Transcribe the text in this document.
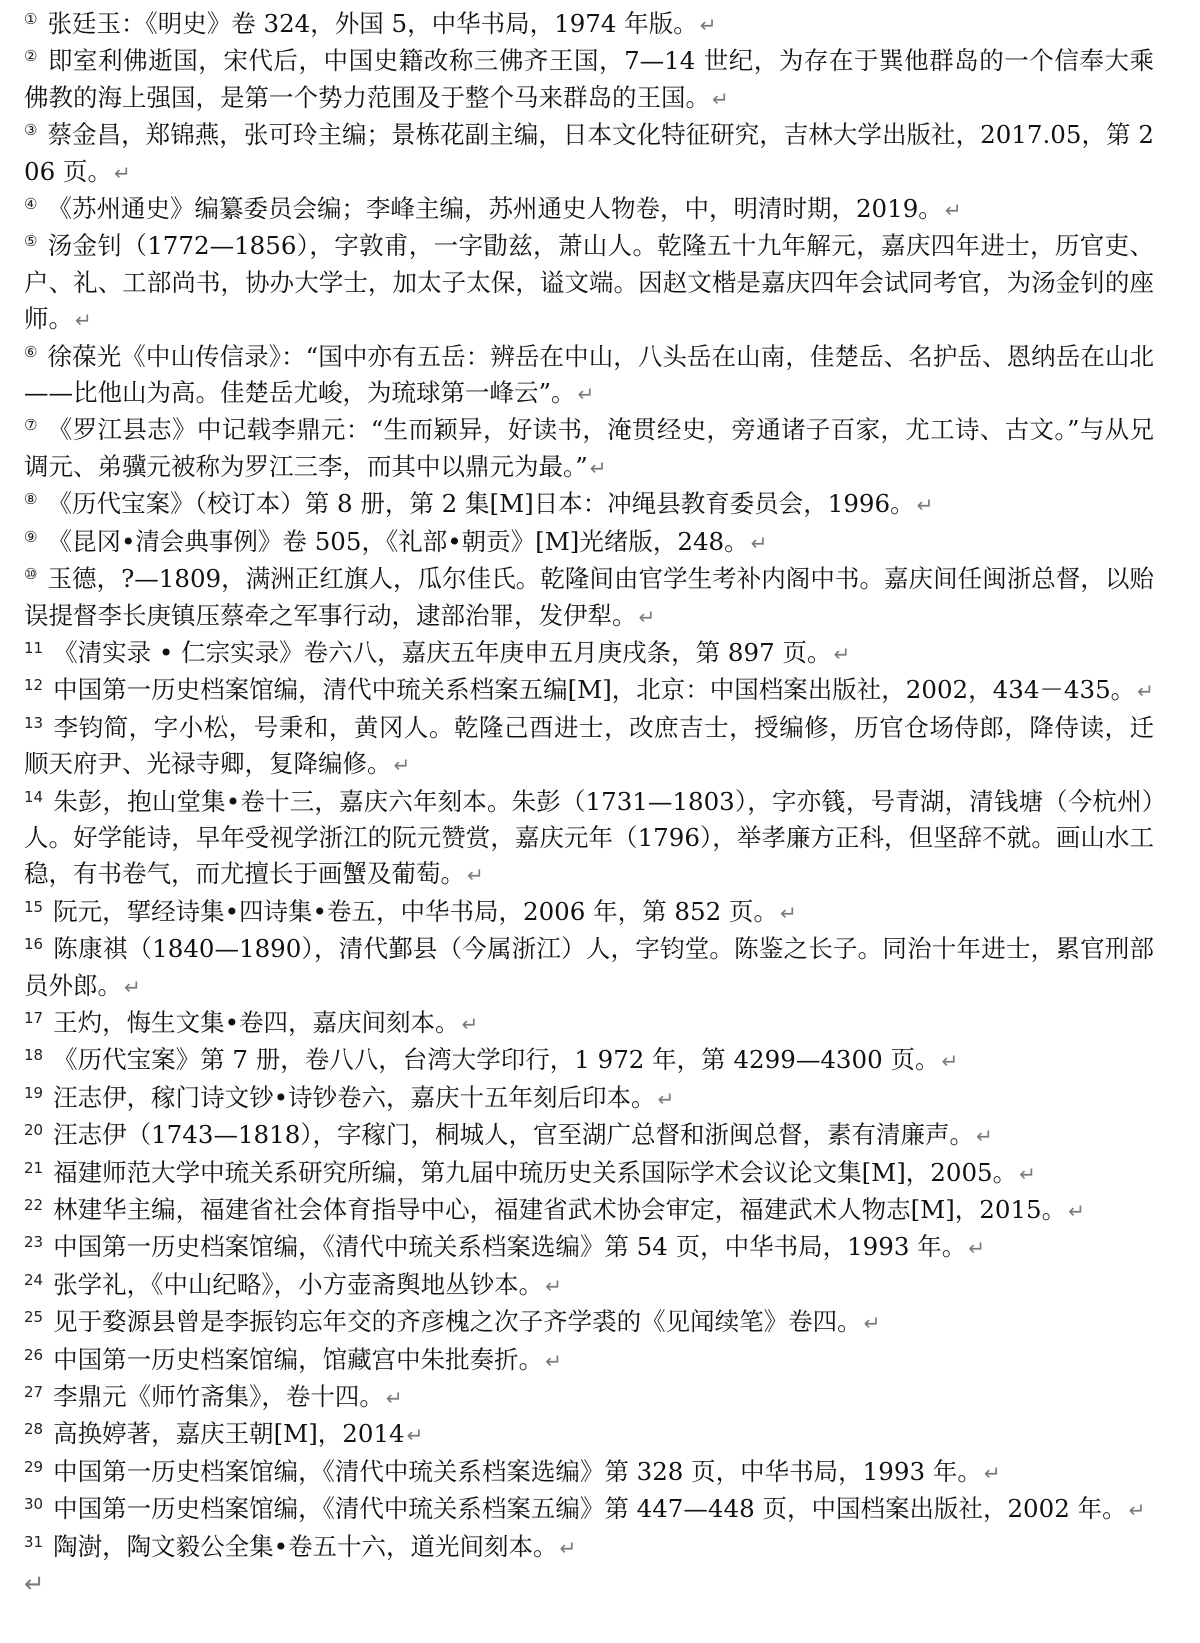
① 张廷玉：《明史》卷 324，外国 5，中华书局，1974 年版。 ↵
② 即室利佛逝国，宋代后，中国史籍改称三佛齐王国，7—14 世纪，为存在于巽他群岛的一个信奉大乘佛教的海上强国，是第一个势力范围及于整个马来群岛的王国。 ↵
③ 蔡金昌，郑锦燕，张可玲主编；景栋花副主编，日本文化特征研究，吉林大学出版社，2017.05，第 206 页。 ↵
④ 《苏州通史》编纂委员会编；李峰主编，苏州通史人物卷，中，明清时期，2019。 ↵
⑤ 汤金钊（1772—1856），字敦甫，一字勖兹，萧山人。乾隆五十九年解元，嘉庆四年进士，历官吏、户、礼、工部尚书，协办大学士，加太子太保，谥文端。因赵文楷是嘉庆四年会试同考官，为汤金钊的座师。 ↵
⑥ 徐葆光《中山传信录》：“国中亦有五岳：辨岳在中山，八头岳在山南，佳楚岳、名护岳、恩纳岳在山北——比他山为高。佳楚岳尤峻，为琉球第一峰云”。 ↵
⑦ 《罗江县志》中记载李鼎元：“生而颖异，好读书，淹贯经史，旁通诸子百家，尤工诗、古文。”与从兄调元、弟骥元被称为罗江三李，而其中以鼎元为最。” ↵
⑧ 《历代宝案》（校订本）第 8 册，第 2 集[M]日本：冲绳县教育委员会，1996。 ↵
⑨ 《昆冈•清会典事例》卷 505，《礼部•朝贡》[M]光绪版，248。 ↵
⑩ 玉德，?—1809，满洲正红旗人，瓜尔佳氏。乾隆间由官学生考补内阁中书。嘉庆间任闽浙总督，以贻误提督李长庚镇压蔡牵之军事行动，逮部治罪，发伊犁。 ↵
11 《清实录 • 仁宗实录》卷六八，嘉庆五年庚申五月庚戌条，第 897 页。 ↵
12 中国第一历史档案馆编，清代中琉关系档案五编[M]，北京：中国档案出版社，2002，434－435。 ↵
13 李钧简，字小松，号秉和，黄冈人。乾隆己酉进士，改庶吉士，授编修，历官仓场侍郎，降侍读，迁顺天府尹、光禄寺卿，复降编修。 ↵
14 朱彭，抱山堂集•卷十三，嘉庆六年刻本。朱彭（1731—1803），字亦篯，号青湖，清钱塘（今杭州）人。好学能诗，早年受视学浙江的阮元赞赏，嘉庆元年（1796），举孝廉方正科，但坚辞不就。画山水工稳，有书卷气，而尤擅长于画蟹及葡萄。 ↵
15 阮元，揅经诗集•四诗集•卷五，中华书局，2006 年，第 852 页。 ↵
16 陈康祺（1840—1890），清代鄞县（今属浙江）人，字钧堂。陈鉴之长子。同治十年进士，累官刑部员外郎。 ↵
17 王灼，悔生文集•卷四，嘉庆间刻本。 ↵
18 《历代宝案》第 7 册，卷八八，台湾大学印行，1 972 年，第 4299—4300 页。 ↵
19 汪志伊，稼门诗文钞•诗钞卷六，嘉庆十五年刻后印本。 ↵
20 汪志伊（1743—1818），字稼门，桐城人，官至湖广总督和浙闽总督，素有清廉声。 ↵
21 福建师范大学中琉关系研究所编，第九届中琉历史关系国际学术会议论文集[M]，2005。 ↵
22 林建华主编，福建省社会体育指导中心，福建省武术协会审定，福建武术人物志[M]，2015。 ↵
23 中国第一历史档案馆编，《清代中琉关系档案选编》第 54 页，中华书局，1993 年。 ↵
24 张学礼，《中山纪略》，小方壶斋舆地丛钞本。 ↵
25 见于婺源县曾是李振钧忘年交的齐彦槐之次子齐学裘的《见闻续笔》卷四。 ↵
26 中国第一历史档案馆编，馆藏宫中朱批奏折。 ↵
27 李鼎元《师竹斋集》，卷十四。 ↵
28 高换婷著，嘉庆王朝[M]，2014 ↵
29 中国第一历史档案馆编，《清代中琉关系档案选编》第 328 页，中华书局，1993 年。 ↵
30 中国第一历史档案馆编，《清代中琉关系档案五编》第 447—448 页，中国档案出版社，2002 年。 ↵
31 陶澍，陶文毅公全集•卷五十六，道光间刻本。 ↵
↵
